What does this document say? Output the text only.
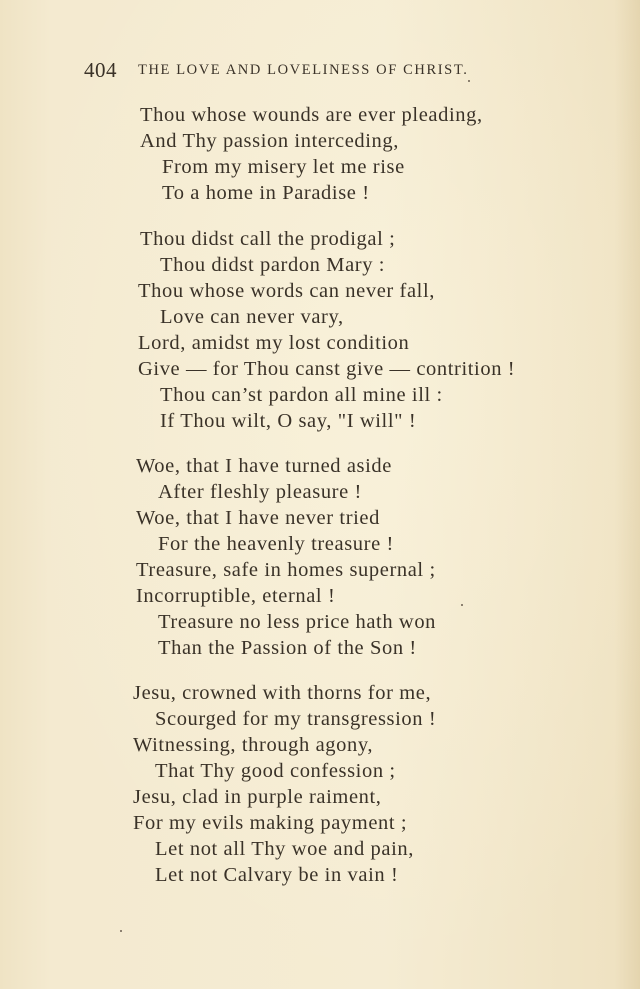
404 THE LOVE AND LOVELINESS OF CHRIST.
Thou whose wounds are ever pleading,
And Thy passion interceding,
From my misery let me rise
To a home in Paradise !
Thou didst call the prodigal ;
Thou didst pardon Mary :
Thou whose words can never fall,
Love can never vary,
Lord, amidst my lost condition
Give — for Thou canst give — contrition !
Thou can’st pardon all mine ill :
If Thou wilt, O say, "I will" !
Woe, that I have turned aside
After fleshly pleasure !
Woe, that I have never tried
For the heavenly treasure !
Treasure, safe in homes supernal ;
Incorruptible, eternal !
Treasure no less price hath won
Than the Passion of the Son !
Jesu, crowned with thorns for me,
Scourged for my transgression !
Witnessing, through agony,
That Thy good confession ;
Jesu, clad in purple raiment,
For my evils making payment ;
Let not all Thy woe and pain,
Let not Calvary be in vain !
